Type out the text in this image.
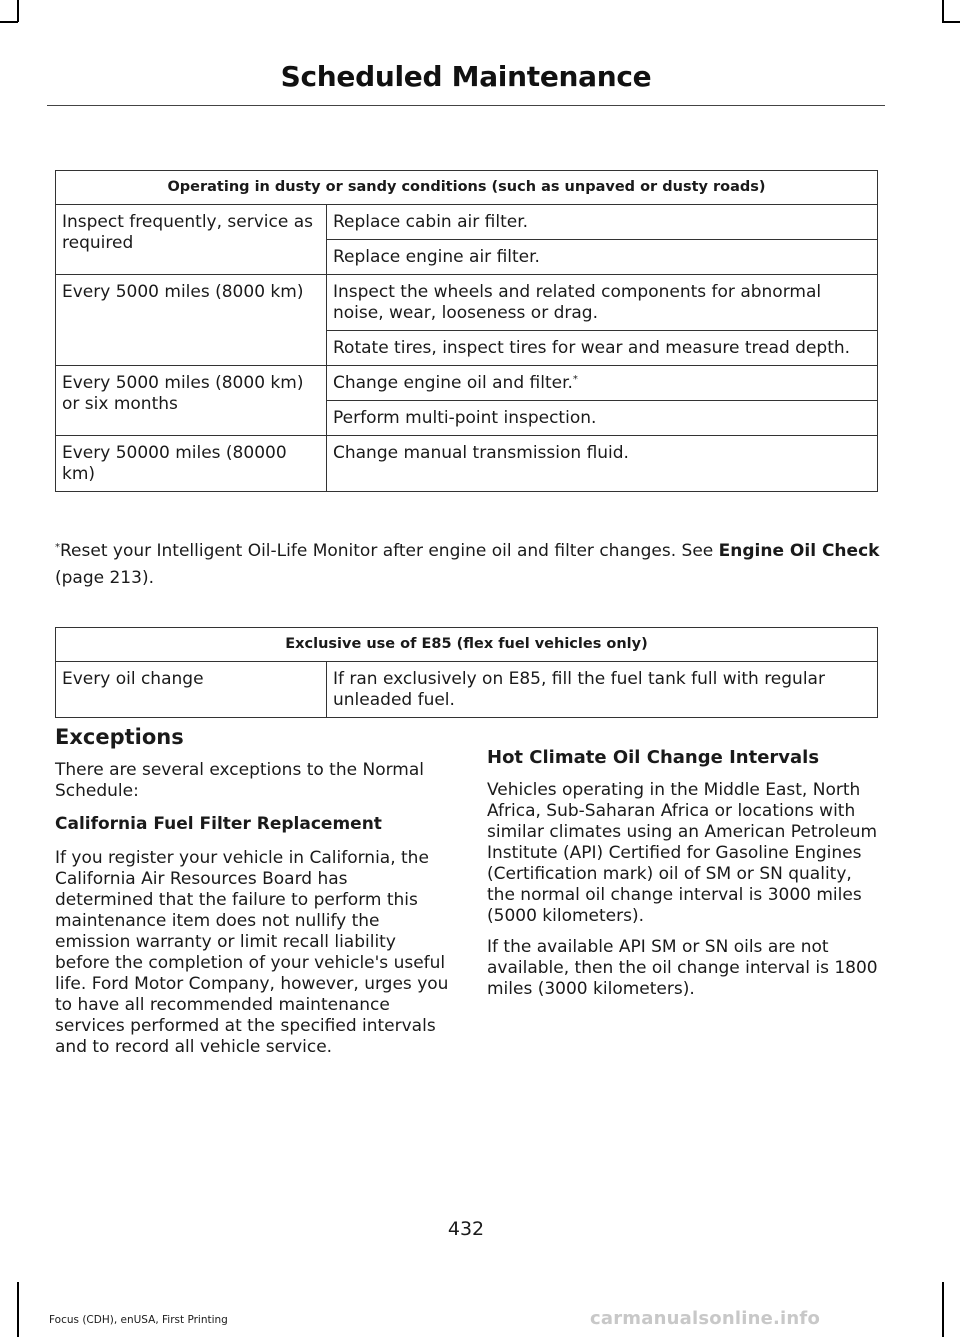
Scheduled Maintenance
Operating in dusty or sandy conditions (such as unpaved or dusty roads)	
Inspect frequently, service as required	Replace cabin air filter.
	Replace engine air filter.
Every 5000 miles (8000 km)	Inspect the wheels and related components for abnormal noise, wear, looseness or drag.
	Rotate tires, inspect tires for wear and measure tread depth.
Every 5000 miles (8000 km) or six months	Change engine oil and filter.*
	Perform multi-point inspection.
Every 50000 miles (80000 km)	Change manual transmission fluid.
*Reset your Intelligent Oil-Life Monitor after engine oil and filter changes. See Engine Oil Check (page 213).
Exclusive use of E85 (flex fuel vehicles only)
Every oil change	If ran exclusively on E85, fill the fuel tank full with regular unleaded fuel.
Exceptions

There are several exceptions to the Normal Schedule:

California Fuel Filter Replacement

If you register your vehicle in California, the California Air Resources Board has determined that the failure to perform this maintenance item does not nullify the emission warranty or limit recall liability before the completion of your vehicle's useful life. Ford Motor Company, however, urges you to have all recommended maintenance services performed at the specified intervals and to record all vehicle service.

Hot Climate Oil Change Intervals

Vehicles operating in the Middle East, North Africa, Sub-Saharan Africa or locations with similar climates using an American Petroleum Institute (API) Certified for Gasoline Engines (Certification mark) oil of SM or SN quality, the normal oil change interval is 3000 miles (5000 kilometers).

If the available API SM or SN oils are not available, then the oil change interval is 1800 miles (3000 kilometers).

432
Focus (CDH), enUSA, First Printing	carmanualsonline.info
